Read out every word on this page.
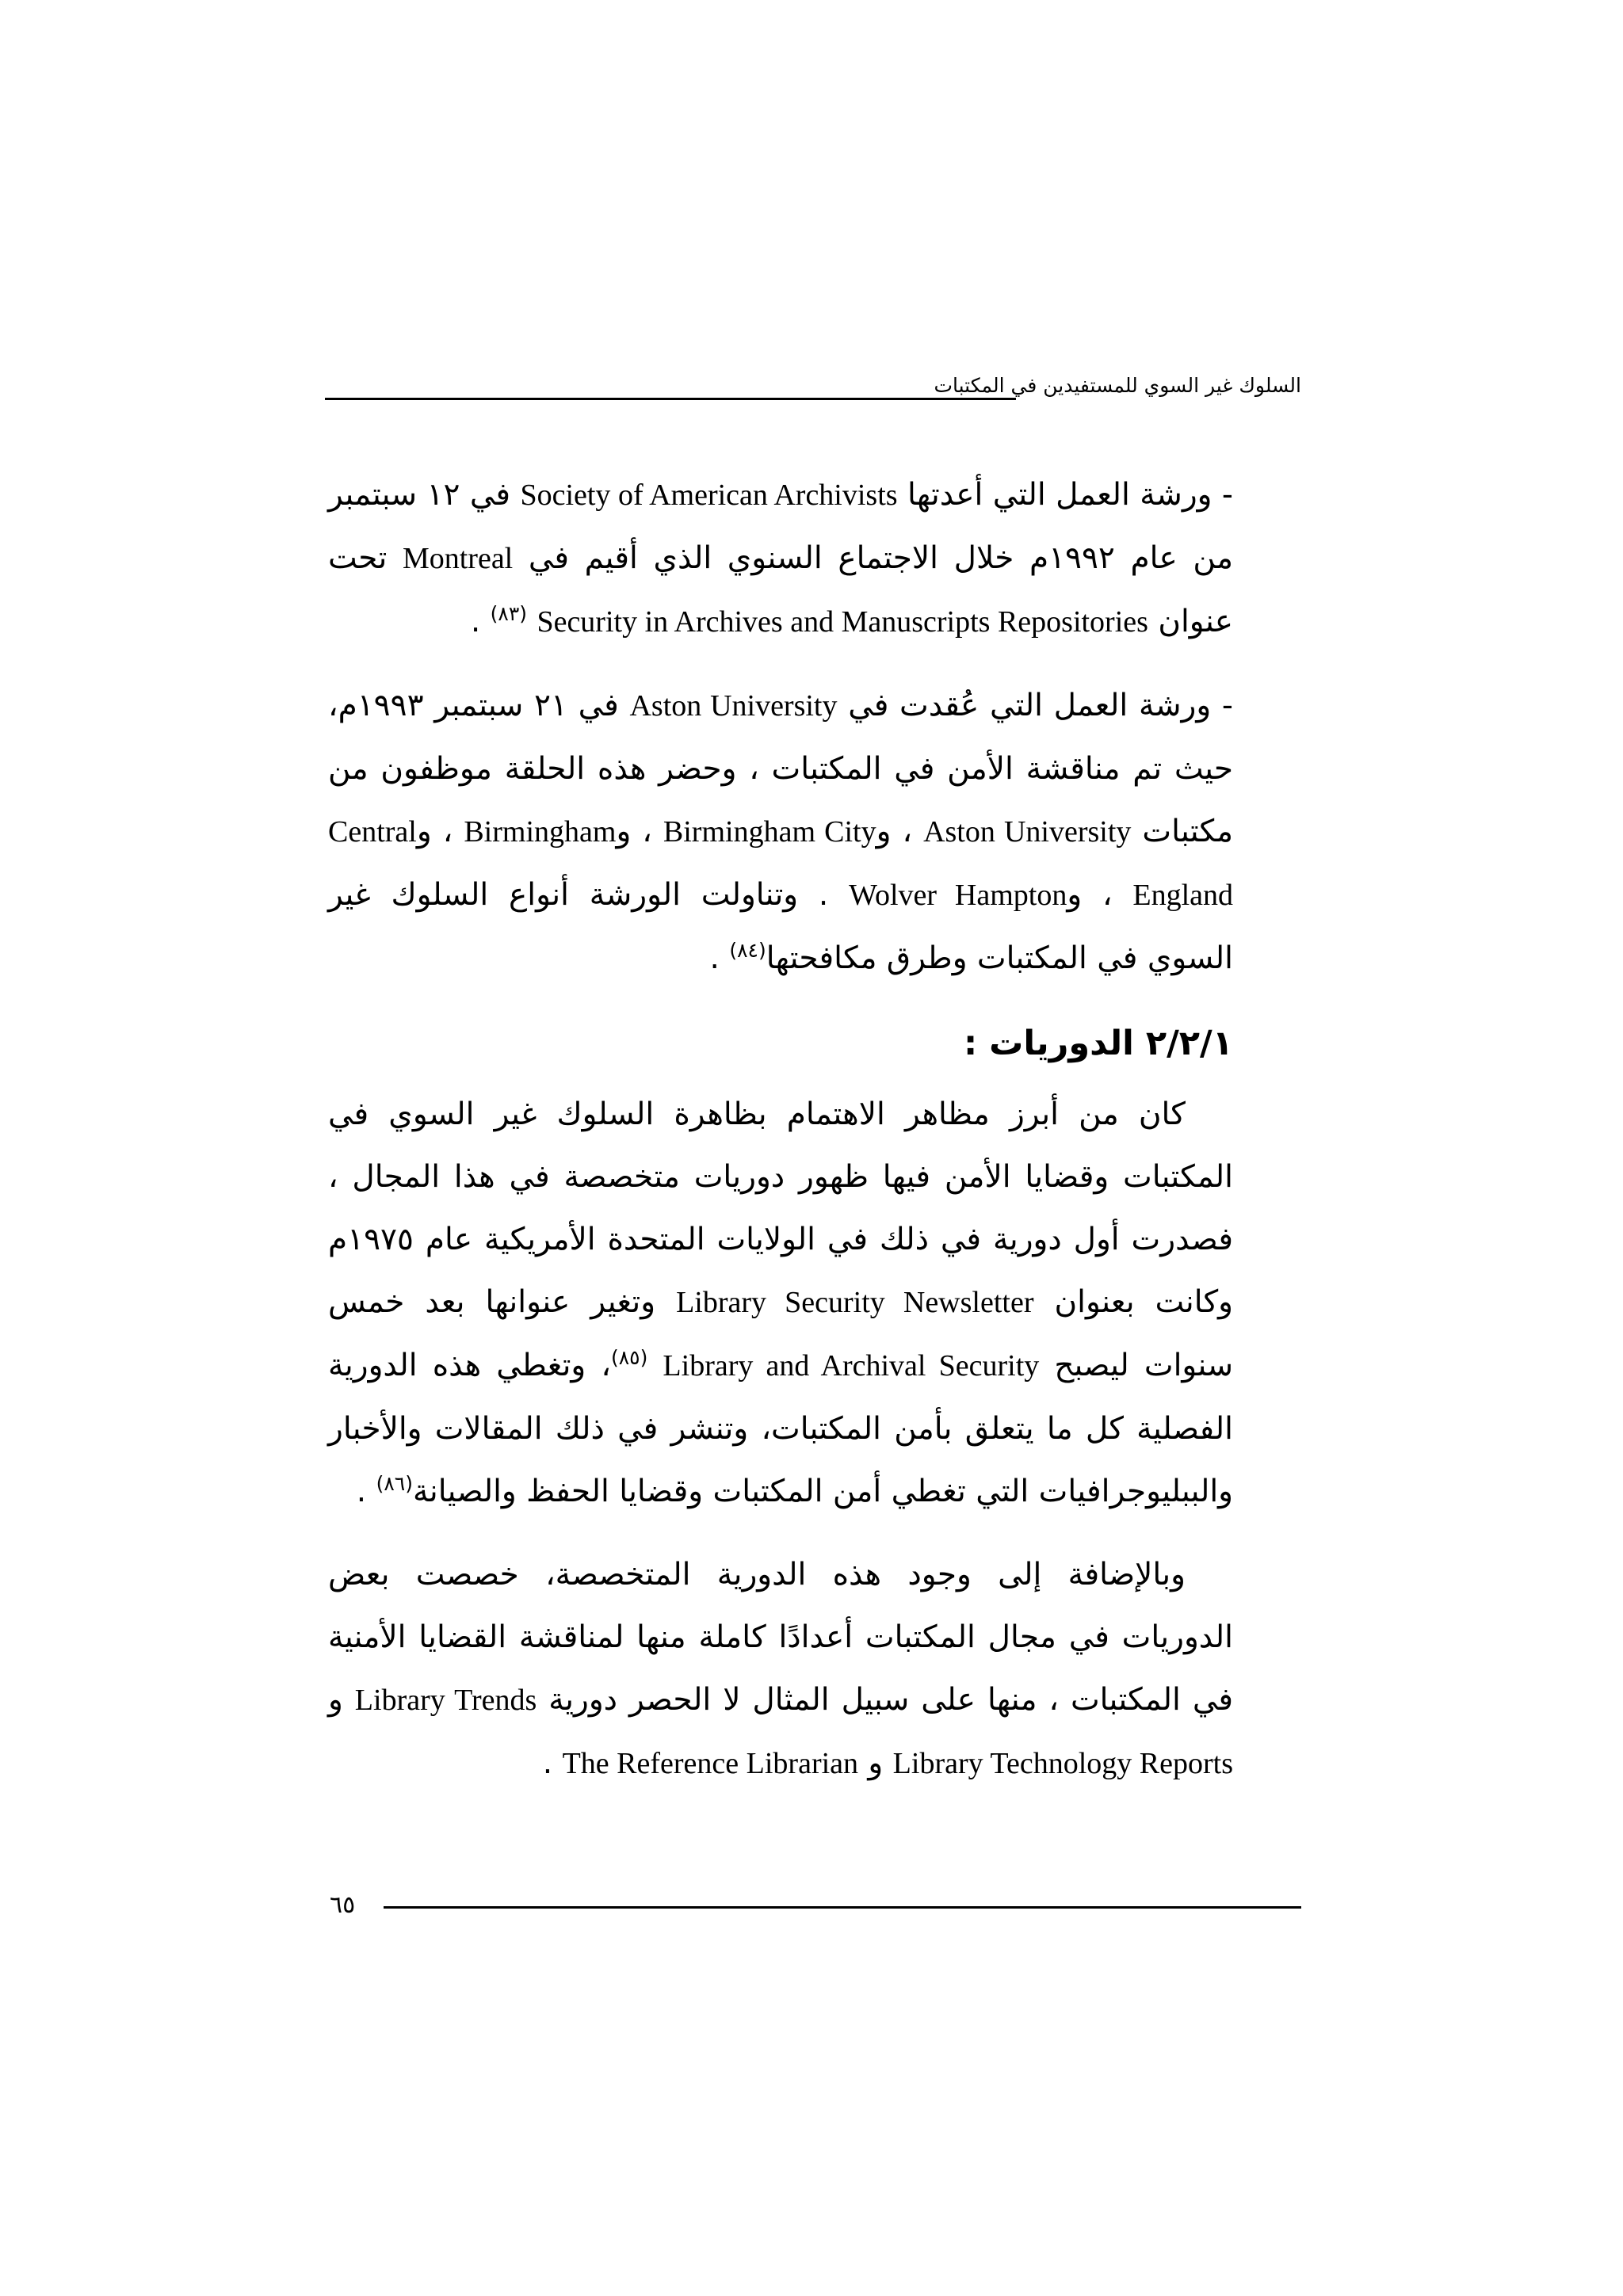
السلوك غير السوي للمستفيدين في المكتبات

- ورشة العمل التي أعدتها Society of American Archivists في ١٢ سبتمبر من عام ١٩٩٢م خلال الاجتماع السنوي الذي أقيم في Montreal تحت عنوان Security in Archives and Manuscripts Repositories $^{(٨٣)}$ .

- ورشة العمل التي عُقدت في Aston University في ٢١ سبتمبر ١٩٩٣م، حيث تم مناقشة الأمن في المكتبات ، وحضر هذه الحلقة موظفون من مكتبات Aston University ، وBirmingham City ، وBirmingham ، وCentral England ، وWolver Hampton . وتناولت الورشة أنواع السلوك غير السوي في المكتبات وطرق مكافحتها$^{(٨٤)}$ .

٢/٢/١ الدوريات :

كان من أبرز مظاهر الاهتمام بظاهرة السلوك غير السوي في المكتبات وقضايا الأمن فيها ظهور دوريات متخصصة في هذا المجال ، فصدرت أول دورية في ذلك في الولايات المتحدة الأمريكية عام ١٩٧٥م وكانت بعنوان Library Security Newsletter وتغير عنوانها بعد خمس سنوات ليصبح Library and Archival Security $^{(٨٥)}$، وتغطي هذه الدورية الفصلية كل ما يتعلق بأمن المكتبات، وتنشر في ذلك المقالات والأخبار والببليوجرافيات التي تغطي أمن المكتبات وقضايا الحفظ والصيانة$^{(٨٦)}$ .

وبالإضافة إلى وجود هذه الدورية المتخصصة، خصصت بعض الدوريات في مجال المكتبات أعدادًا كاملة منها لمناقشة القضايا الأمنية في المكتبات ، منها على سبيل المثال لا الحصر دورية Library Trends و Library Technology Reports و The Reference Librarian .

٦٥
